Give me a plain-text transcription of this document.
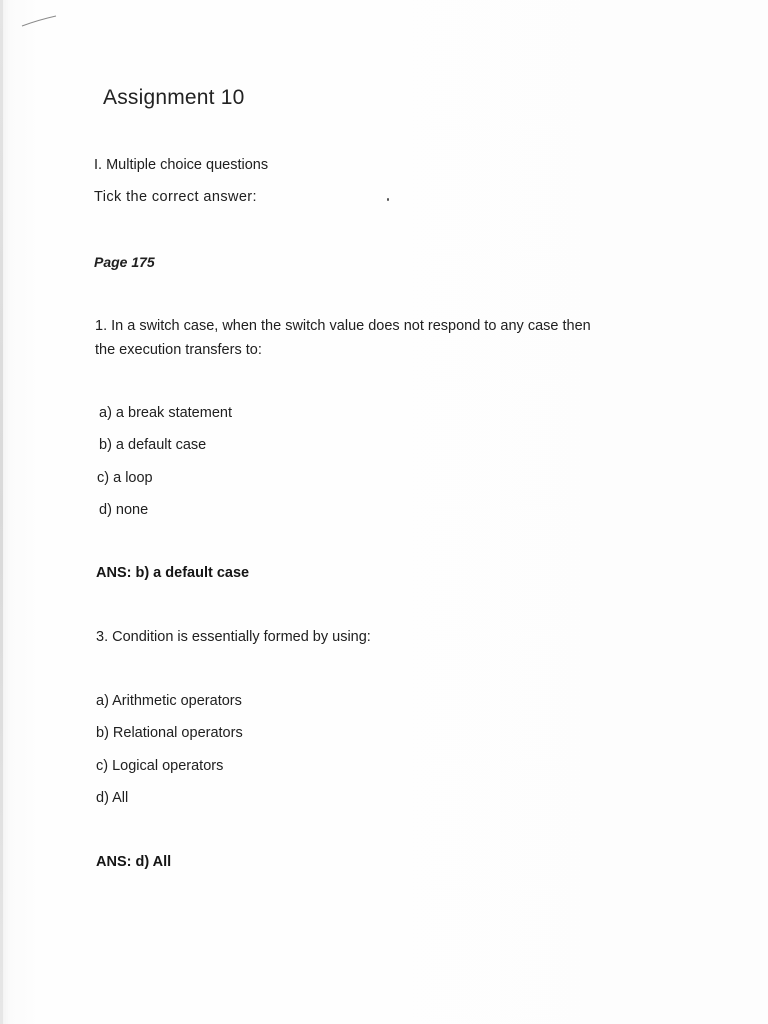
Assignment 10
I. Multiple choice questions
Tick the correct answer:
Page 175
1. In a switch case, when the switch value does not respond to any case then
the execution transfers to:
a) a break statement
b) a default case
c) a loop
d) none
ANS: b) a default case
3. Condition is essentially formed by using:
a) Arithmetic operators
b) Relational operators
c) Logical operators
d) All
ANS: d) All
